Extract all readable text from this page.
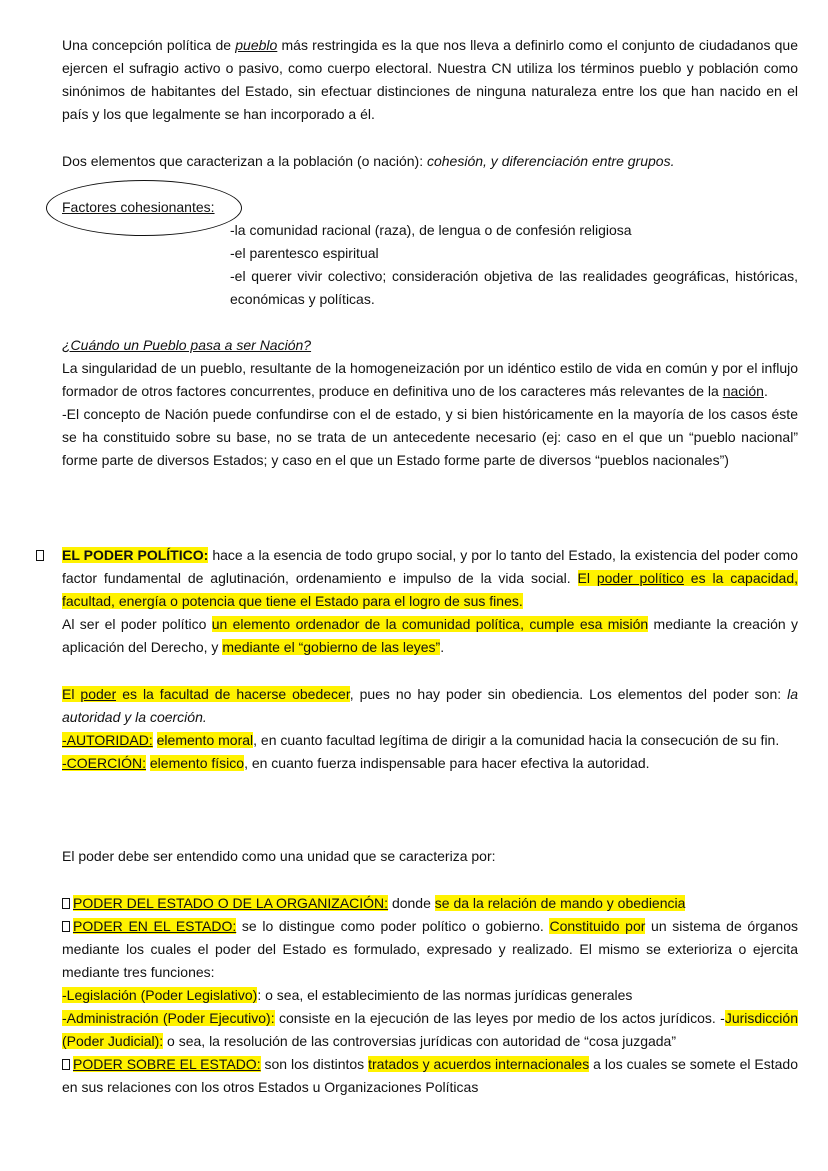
Una concepción política de pueblo más restringida es la que nos lleva a definirlo como el conjunto de ciudadanos que ejercen el sufragio activo o pasivo, como cuerpo electoral. Nuestra CN utiliza los términos pueblo y población como sinónimos de habitantes del Estado, sin efectuar distinciones de ninguna naturaleza entre los que han nacido en el país y los que legalmente se han incorporado a él.

Dos elementos que caracterizan a la población (o nación): cohesión, y diferenciación entre grupos.

Factores cohesionantes:

-la comunidad racional (raza), de lengua o de confesión religiosa

-el parentesco espiritual

-el querer vivir colectivo; consideración objetiva de las realidades geográficas, históricas, económicas y políticas.

¿Cuándo un Pueblo pasa a ser Nación?

La singularidad de un pueblo, resultante de la homogeneización por un idéntico estilo de vida en común y por el influjo formador de otros factores concurrentes, produce en definitiva uno de los caracteres más relevantes de la nación.

-El concepto de Nación puede confundirse con el de estado, y si bien históricamente en la mayoría de los casos éste se ha constituido sobre su base, no se trata de un antecedente necesario (ej: caso en el que un “pueblo nacional” forme parte de diversos Estados; y caso en el que un Estado forme parte de diversos “pueblos nacionales”)

EL PODER POLÍTICO: hace a la esencia de todo grupo social, y por lo tanto del Estado, la existencia del poder como factor fundamental de aglutinación, ordenamiento e impulso de la vida social. El poder político es la capacidad, facultad, energía o potencia que tiene el Estado para el logro de sus fines.

Al ser el poder político un elemento ordenador de la comunidad política, cumple esa misión mediante la creación y aplicación del Derecho, y mediante el “gobierno de las leyes”.

El poder es la facultad de hacerse obedecer, pues no hay poder sin obediencia. Los elementos del poder son: la autoridad y la coerción.

-AUTORIDAD: elemento moral, en cuanto facultad legítima de dirigir a la comunidad hacia la consecución de su fin.

-COERCIÓN: elemento físico, en cuanto fuerza indispensable para hacer efectiva la autoridad.

El poder debe ser entendido como una unidad que se caracteriza por:

PODER DEL ESTADO O DE LA ORGANIZACIÓN: donde se da la relación de mando y obediencia

PODER EN EL ESTADO: se lo distingue como poder político o gobierno. Constituido por un sistema de órganos mediante los cuales el poder del Estado es formulado, expresado y realizado. El mismo se exterioriza o ejercita mediante tres funciones:

-Legislación (Poder Legislativo): o sea, el establecimiento de las normas jurídicas generales

-Administración (Poder Ejecutivo): consiste en la ejecución de las leyes por medio de los actos jurídicos. -Jurisdicción (Poder Judicial): o sea, la resolución de las controversias jurídicas con autoridad de “cosa juzgada”

PODER SOBRE EL ESTADO: son los distintos tratados y acuerdos internacionales a los cuales se somete el Estado en sus relaciones con los otros Estados u Organizaciones Políticas
